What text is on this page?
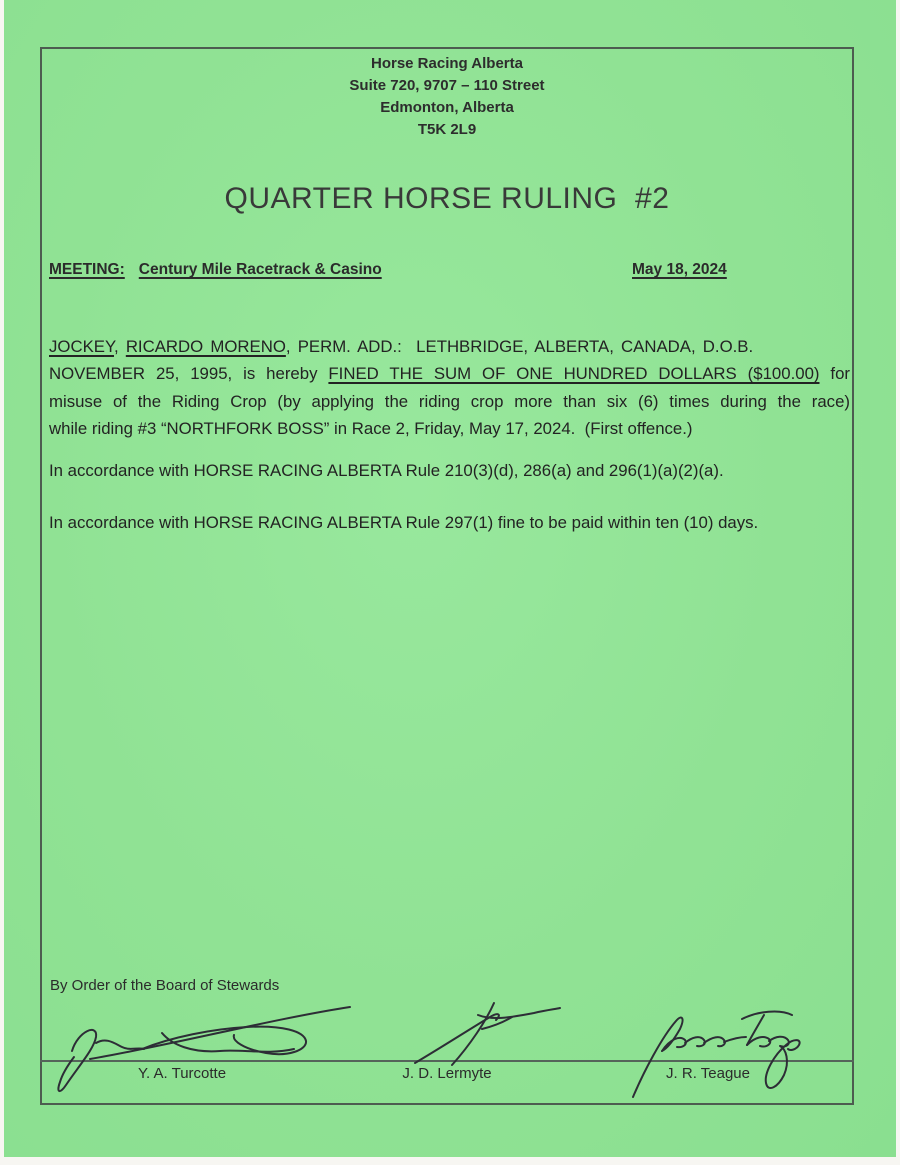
Horse Racing Alberta
Suite 720, 9707 – 110 Street
Edmonton, Alberta
T5K 2L9
QUARTER HORSE RULING  #2
MEETING: Century Mile Racetrack & Casino	May 18, 2024
JOCKEY, RICARDO MORENO, PERM. ADD.:  LETHBRIDGE, ALBERTA, CANADA, D.O.B.
NOVEMBER 25, 1995, is hereby FINED THE SUM OF ONE HUNDRED DOLLARS ($100.00) for
misuse of the Riding Crop (by applying the riding crop more than six (6) times during the race)
while riding #3 “NORTHFORK BOSS” in Race 2, Friday, May 17, 2024.  (First offence.)
In accordance with HORSE RACING ALBERTA Rule 210(3)(d), 286(a) and 296(1)(a)(2)(a).
In accordance with HORSE RACING ALBERTA Rule 297(1) fine to be paid within ten (10) days.
By Order of the Board of Stewards
Y. A. Turcotte	J. D. Lermyte	J. R. Teague
